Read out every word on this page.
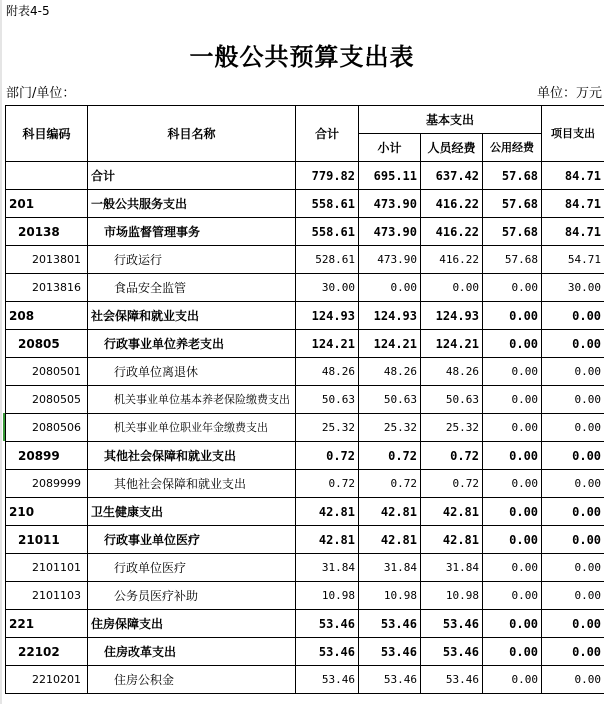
附表4-5
一般公共预算支出表
部门/单位：	单位：万元
科目编码	科目名称	合计	基本支出			项目支出
			小计	人员经费	公用经费	
	合计	779.82	695.11	637.42	57.68	84.71
201	一般公共服务支出	558.61	473.90	416.22	57.68	84.71
20138	市场监督管理事务	558.61	473.90	416.22	57.68	84.71
2013801	行政运行	528.61	473.90	416.22	57.68	54.71
2013816	食品安全监管	30.00	0.00	0.00	0.00	30.00
208	社会保障和就业支出	124.93	124.93	124.93	0.00	0.00
20805	行政事业单位养老支出	124.21	124.21	124.21	0.00	0.00
2080501	行政单位离退休	48.26	48.26	48.26	0.00	0.00
2080505	机关事业单位基本养老保险缴费支出	50.63	50.63	50.63	0.00	0.00
2080506	机关事业单位职业年金缴费支出	25.32	25.32	25.32	0.00	0.00
20899	其他社会保障和就业支出	0.72	0.72	0.72	0.00	0.00
2089999	其他社会保障和就业支出	0.72	0.72	0.72	0.00	0.00
210	卫生健康支出	42.81	42.81	42.81	0.00	0.00
21011	行政事业单位医疗	42.81	42.81	42.81	0.00	0.00
2101101	行政单位医疗	31.84	31.84	31.84	0.00	0.00
2101103	公务员医疗补助	10.98	10.98	10.98	0.00	0.00
221	住房保障支出	53.46	53.46	53.46	0.00	0.00
22102	住房改革支出	53.46	53.46	53.46	0.00	0.00
2210201	住房公积金	53.46	53.46	53.46	0.00	0.00
